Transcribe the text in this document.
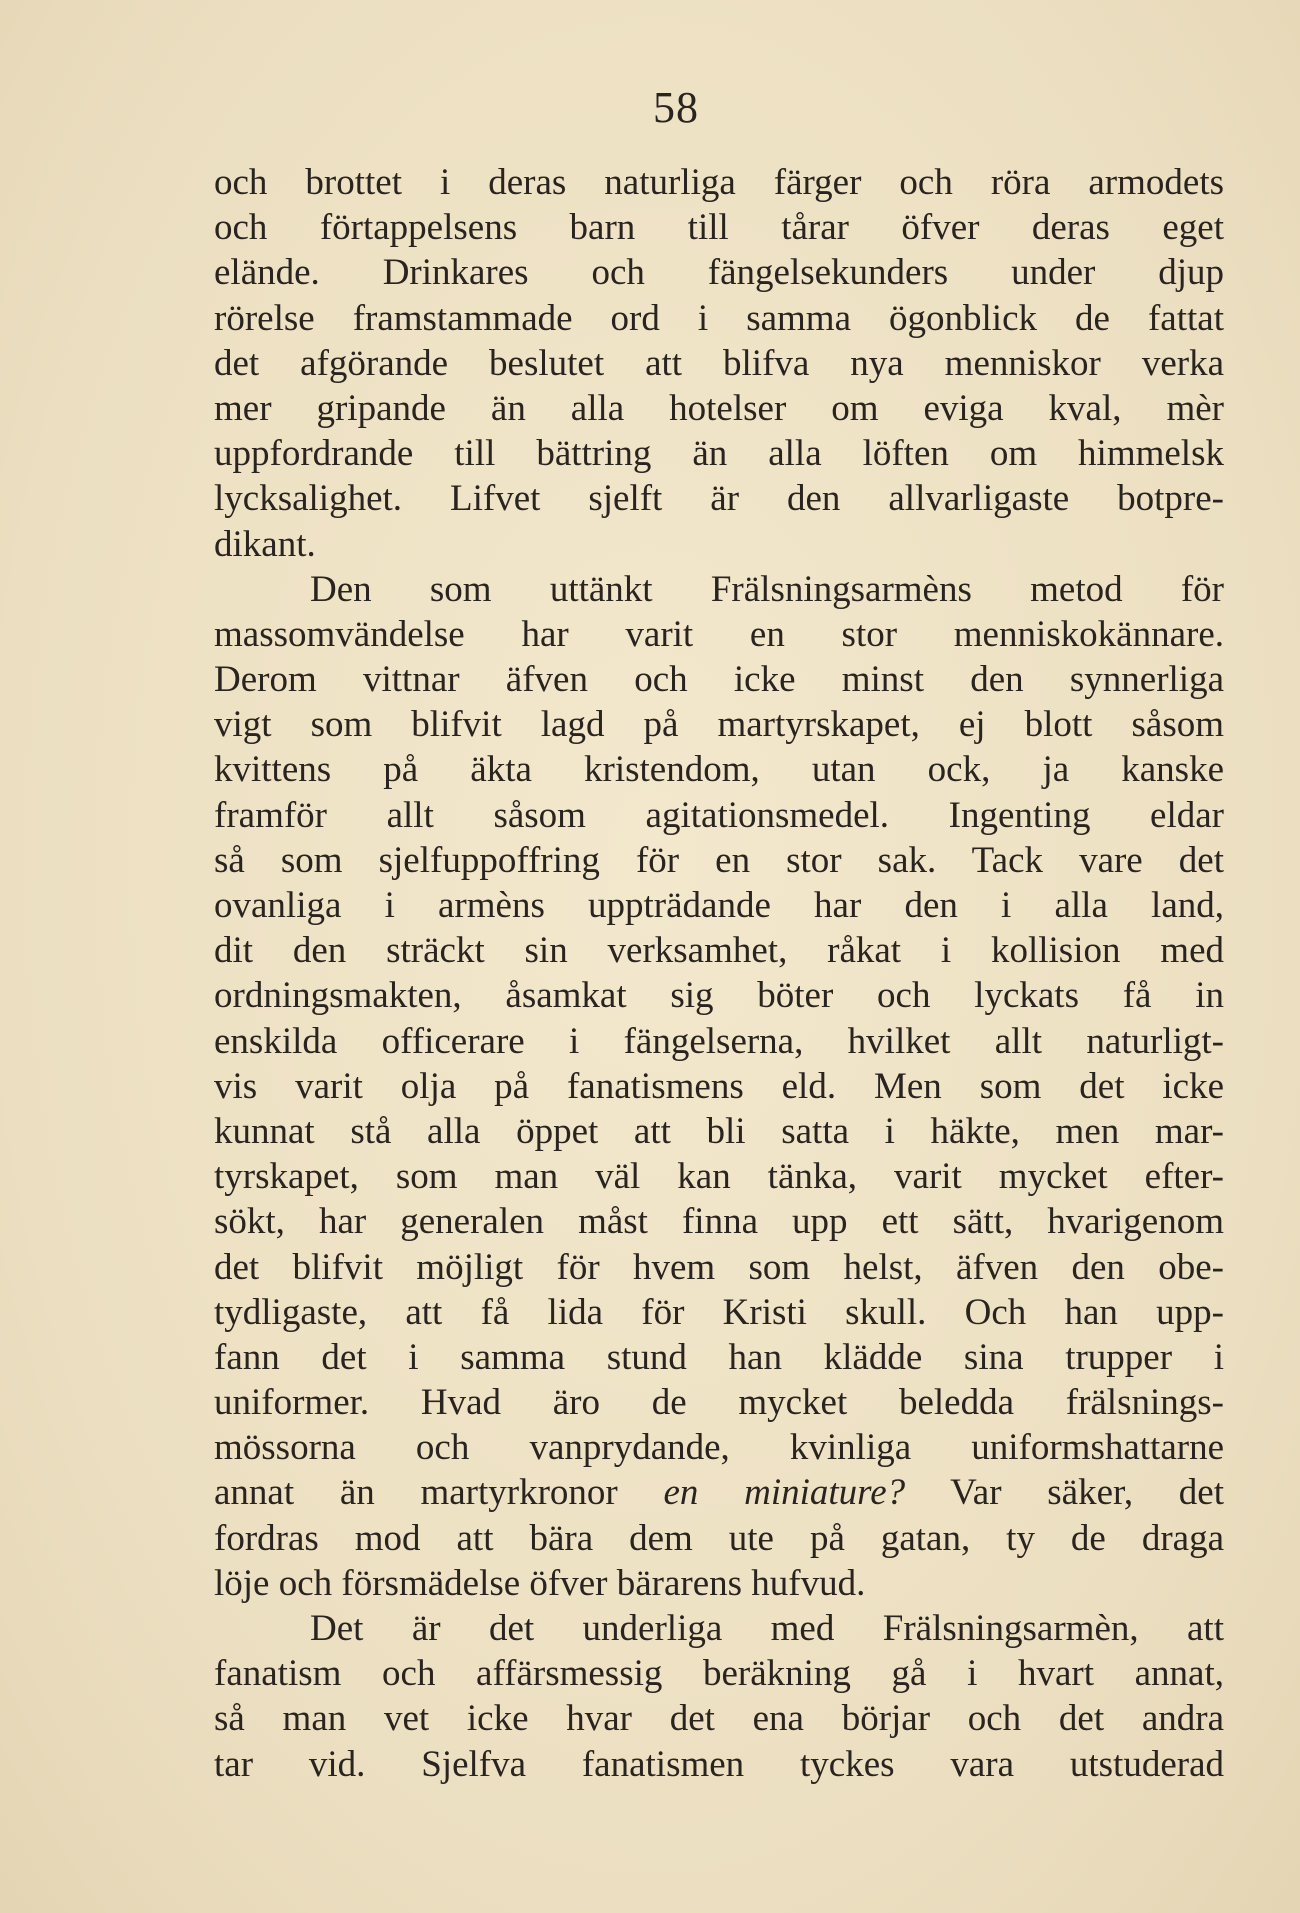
58
och brottet i deras naturliga färger och röra armodets
och förtappelsens barn till tårar öfver deras eget
elände. Drinkares och fängelsekunders under djup
rörelse framstammade ord i samma ögonblick de fattat
det afgörande beslutet att blifva nya menniskor verka
mer gripande än alla hotelser om eviga kval, mèr
uppfordrande till bättring än alla löften om himmelsk
lycksalighet. Lifvet sjelft är den allvarligaste botpre-
dikant.
Den som uttänkt Frälsningsarmèns metod för
massomvändelse har varit en stor menniskokännare.
Derom vittnar äfven och icke minst den synnerliga
vigt som blifvit lagd på martyrskapet, ej blott såsom
kvittens på äkta kristendom, utan ock, ja kanske
framför allt såsom agitationsmedel. Ingenting eldar
så som sjelfuppoffring för en stor sak. Tack vare det
ovanliga i armèns uppträdande har den i alla land,
dit den sträckt sin verksamhet, råkat i kollision med
ordningsmakten, åsamkat sig böter och lyckats få in
enskilda officerare i fängelserna, hvilket allt naturligt-
vis varit olja på fanatismens eld. Men som det icke
kunnat stå alla öppet att bli satta i häkte, men mar-
tyrskapet, som man väl kan tänka, varit mycket efter-
sökt, har generalen måst finna upp ett sätt, hvarigenom
det blifvit möjligt för hvem som helst, äfven den obe-
tydligaste, att få lida för Kristi skull. Och han upp-
fann det i samma stund han klädde sina trupper i
uniformer. Hvad äro de mycket beledda frälsnings-
mössorna och vanprydande, kvinliga uniformshattarne
annat än martyrkronor en miniature? Var säker, det
fordras mod att bära dem ute på gatan, ty de draga
löje och försmädelse öfver bärarens hufvud.
Det är det underliga med Frälsningsarmèn, att
fanatism och affärsmessig beräkning gå i hvart annat,
så man vet icke hvar det ena börjar och det andra
tar vid. Sjelfva fanatismen tyckes vara utstuderad
